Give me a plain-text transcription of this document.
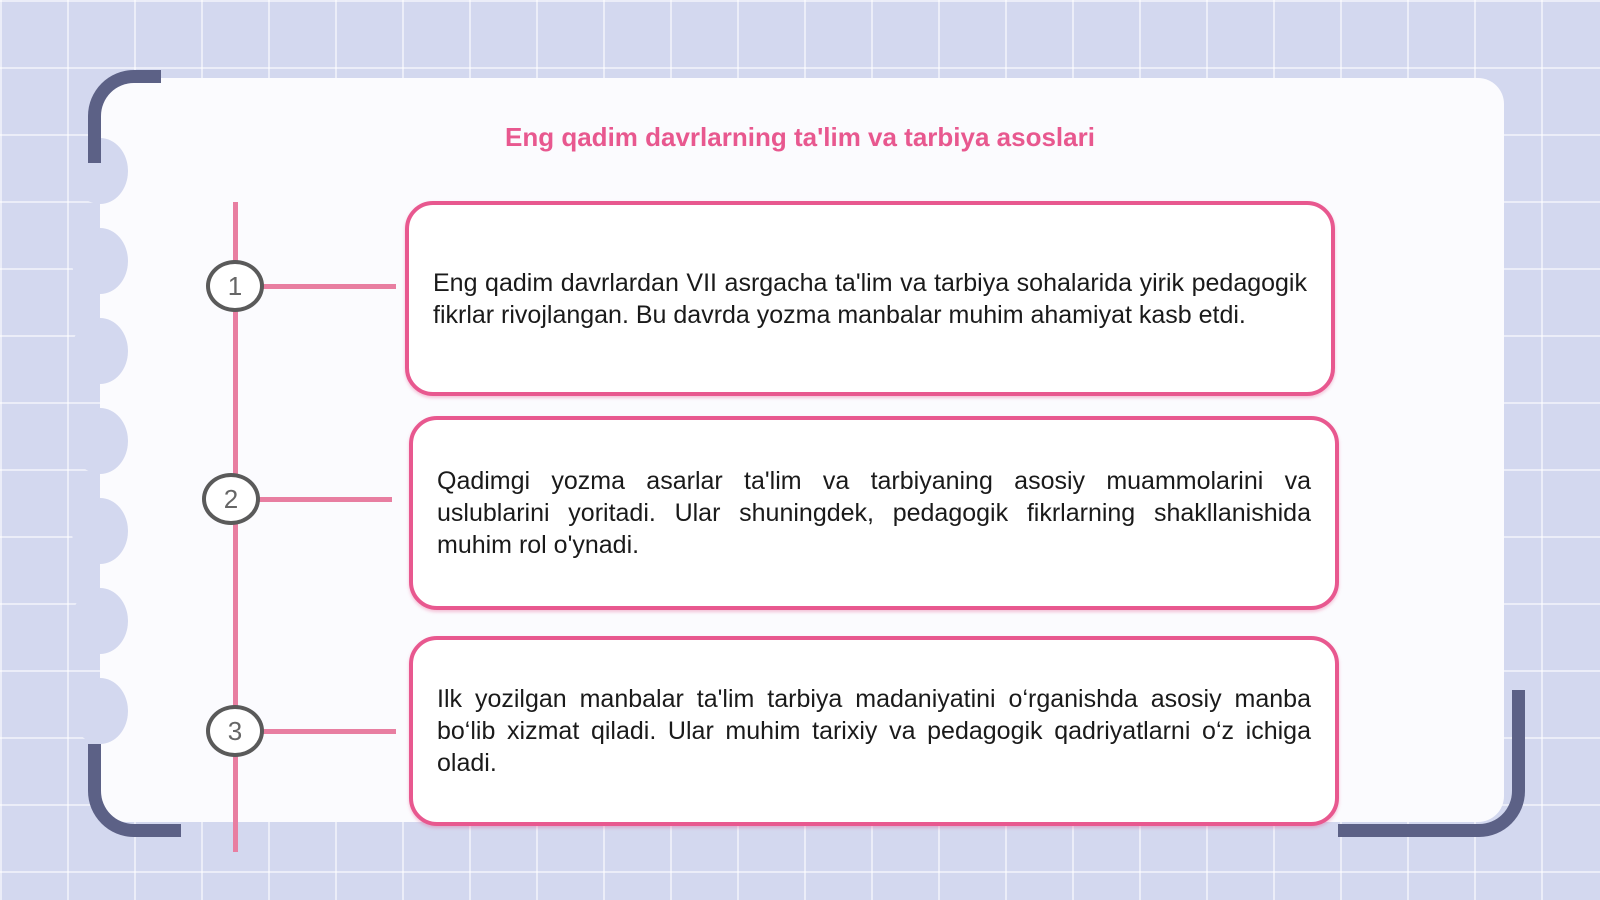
Eng qadim davrlarning ta'lim va tarbiya asoslari
1
2
3
Eng qadim davrlardan VII asrgacha ta'lim va tarbiya sohalarida yirik pedagogik fikrlar rivojlangan. Bu davrda yozma manbalar muhim ahamiyat kasb etdi.
Qadimgi yozma asarlar ta'lim va tarbiyaning asosiy muammolarini va uslublarini yoritadi. Ular shuningdek, pedagogik fikrlarning shakllanishida muhim rol o'ynadi.
Ilk yozilgan manbalar ta'lim tarbiya madaniyatini o‘rganishda asosiy manba bo‘lib xizmat qiladi. Ular muhim tarixiy va pedagogik qadriyatlarni o‘z ichiga oladi.
